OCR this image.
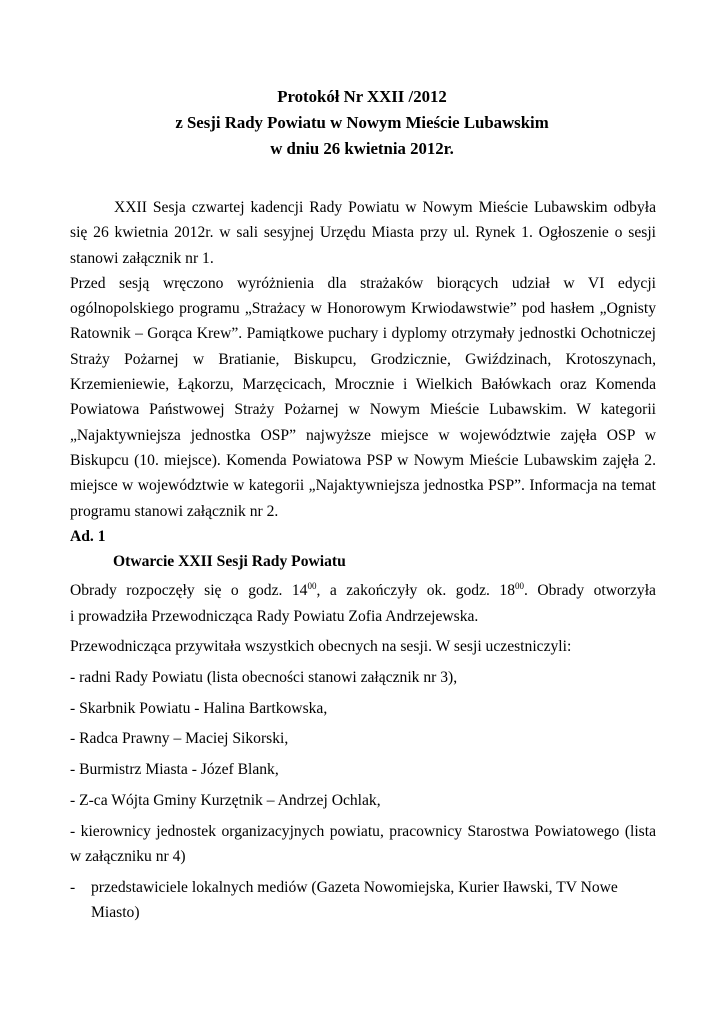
Protokół Nr XXII /2012
z Sesji Rady Powiatu w Nowym Mieście Lubawskim
w dniu 26 kwietnia 2012r.

XXII Sesja czwartej kadencji Rady Powiatu w Nowym Mieście Lubawskim odbyła się 26 kwietnia 2012r. w sali sesyjnej Urzędu Miasta przy ul. Rynek 1. Ogłoszenie o sesji stanowi załącznik nr 1.

Przed sesją wręczono wyróżnienia dla strażaków biorących udział w VI edycji ogólnopolskiego programu „Strażacy w Honorowym Krwiodawstwie” pod hasłem „Ognisty Ratownik – Gorąca Krew”. Pamiątkowe puchary i dyplomy otrzymały jednostki Ochotniczej Straży Pożarnej w Bratianie, Biskupcu, Grodzicznie, Gwiździnach, Krotoszynach, Krzemieniewie, Łąkorzu, Marzęcicach, Mrocznie i Wielkich Bałówkach oraz Komenda Powiatowa Państwowej Straży Pożarnej w Nowym Mieście Lubawskim. W kategorii „Najaktywniejsza jednostka OSP” najwyższe miejsce w województwie zajęła OSP w Biskupcu (10. miejsce). Komenda Powiatowa PSP w Nowym Mieście Lubawskim zajęła 2. miejsce w województwie w kategorii „Najaktywniejsza jednostka PSP”. Informacja na temat programu stanowi załącznik nr 2.

Ad. 1

Otwarcie XXII Sesji Rady Powiatu

Obrady rozpoczęły się o godz. $14^{00}$, a zakończyły ok. godz. $18^{00}$. Obrady otworzyła

i prowadziła Przewodnicząca Rady Powiatu Zofia Andrzejewska.

Przewodnicząca przywitała wszystkich obecnych na sesji. W sesji uczestniczyli:

- radni Rady Powiatu (lista obecności stanowi załącznik nr 3),

- Skarbnik Powiatu - Halina Bartkowska,

- Radca Prawny – Maciej Sikorski,

- Burmistrz Miasta - Józef Blank,

- Z-ca Wójta Gminy Kurzętnik – Andrzej Ochlak,

- kierownicy jednostek organizacyjnych powiatu, pracownicy Starostwa Powiatowego (lista w załączniku nr 4)

-	przedstawiciele lokalnych mediów (Gazeta Nowomiejska, Kurier Iławski, TV Nowe Miasto)
